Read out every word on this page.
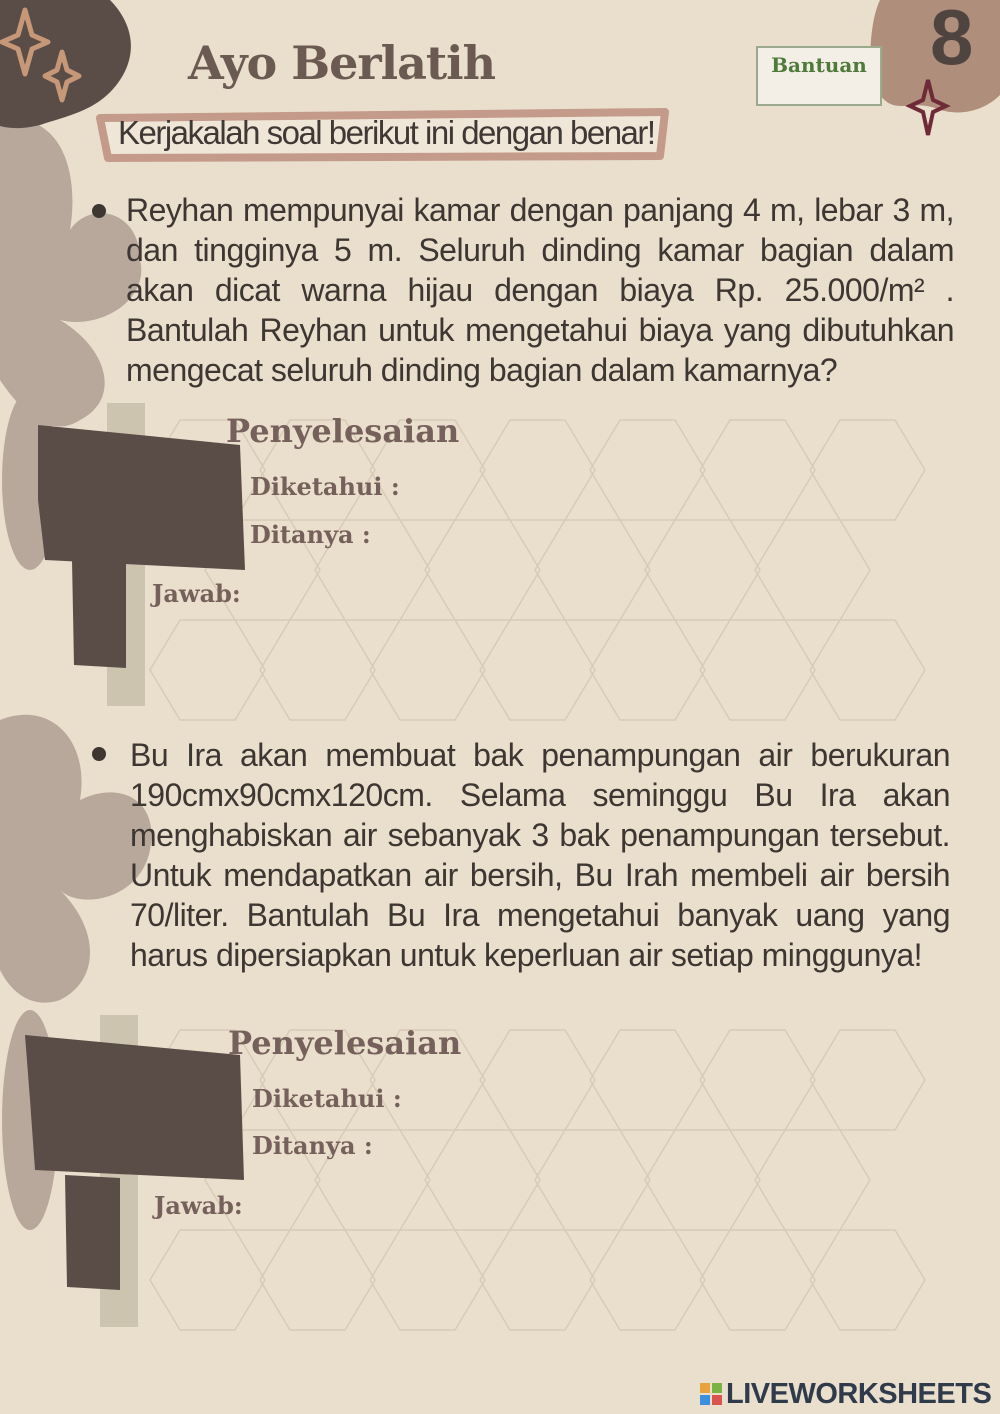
Ayo Berlatih	Bantuan 8
Kerjakalah soal berikut ini dengan benar!
Reyhan mempunyai kamar dengan panjang 4 m, lebar 3 m, dan tingginya 5 m. Seluruh dinding kamar bagian dalam akan dicat warna hijau dengan biaya Rp. 25.000/m² . Bantulah Reyhan untuk mengetahui biaya yang dibutuhkan mengecat seluruh dinding bagian dalam kamarnya?
Penyelesaian
Diketahui :
Ditanya :
Jawab:
Bu Ira akan membuat bak penampungan air berukuran 190cmx90cmx120cm. Selama seminggu Bu Ira akan menghabiskan air sebanyak 3 bak penampungan tersebut. Untuk mendapatkan air bersih, Bu Irah membeli air bersih 70/liter. Bantulah Bu Ira mengetahui banyak uang yang harus dipersiapkan untuk keperluan air setiap minggunya!
Penyelesaian
Diketahui :
Ditanya :
Jawab:
LIVEWORKSHEETS
